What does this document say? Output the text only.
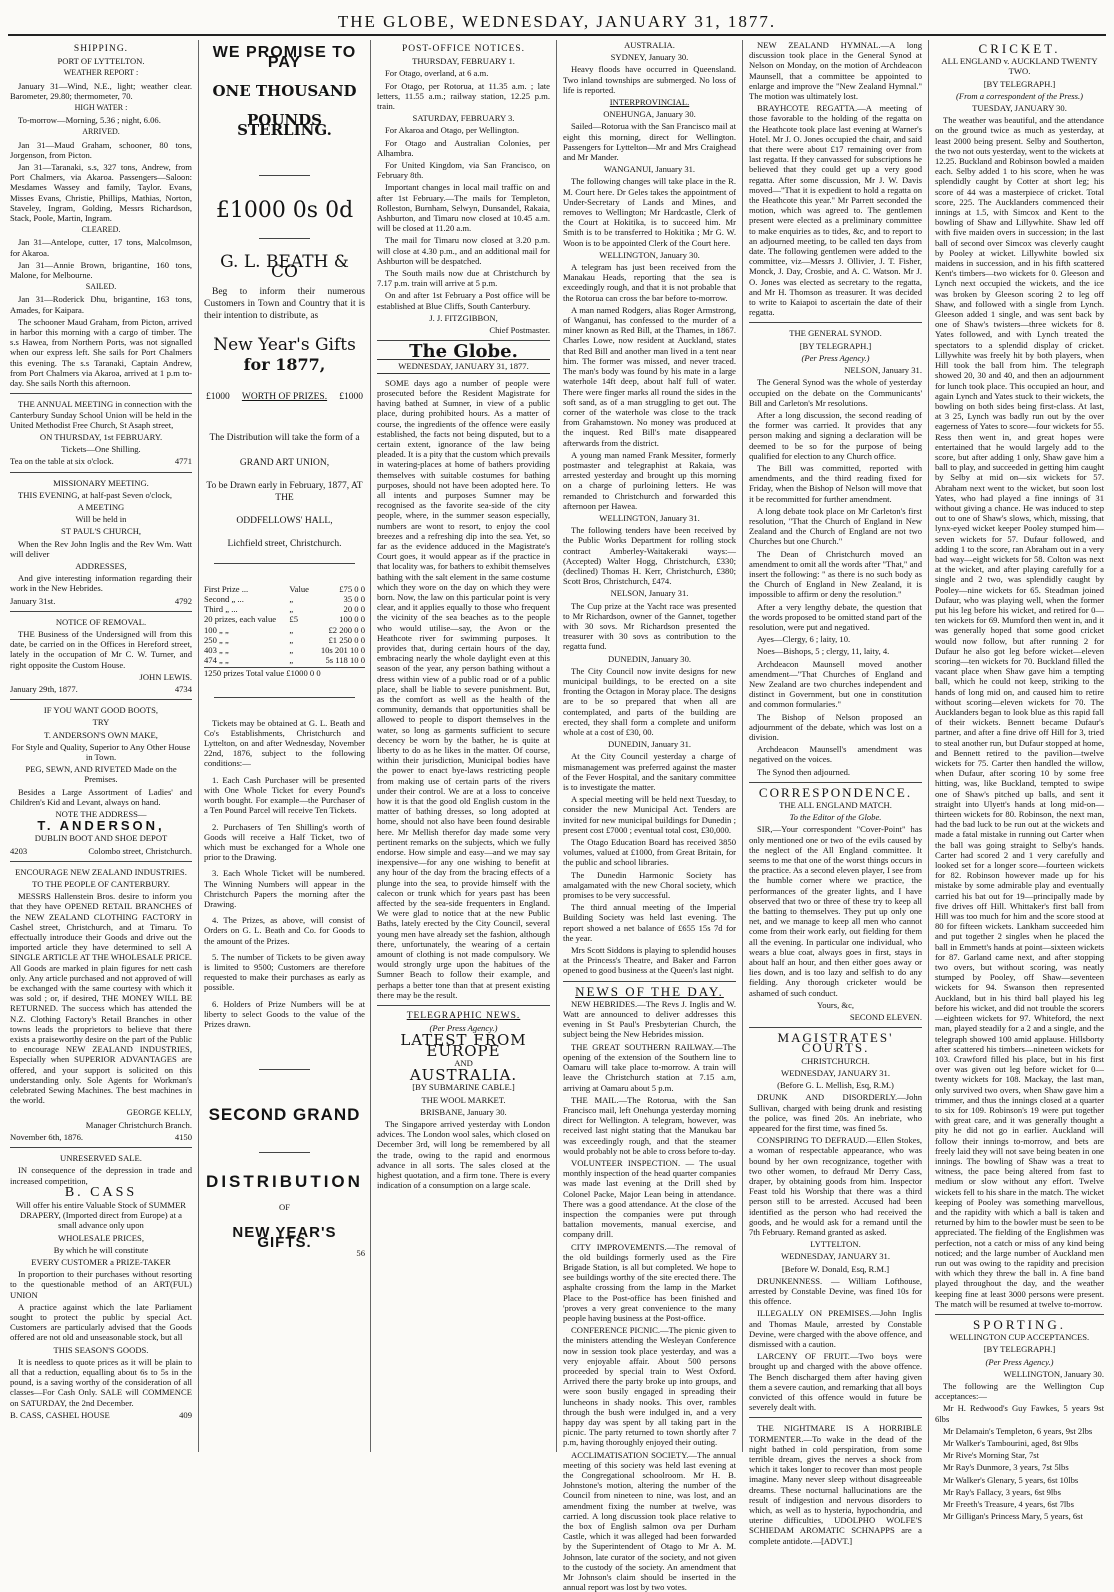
THE GLOBE, WEDNESDAY, JANUARY 31, 1877.
SHIPPING.

PORT OF LYTTELTON.

WEATHER REPORT :

January 31—Wind, N.E., light; weather clear. Barometer, 29.80; thermometer, 70.

HIGH WATER :

To-morrow—Morning, 5.36 ; night, 6.06.

ARRIVED.

Jan 31—Maud Graham, schooner, 80 tons, Jorgenson, from Picton.

Jan 31—Taranaki, s.s, 327 tons, Andrew, from Port Chalmers, via Akaroa. Passengers—Saloon: Mesdames Wassey and family, Taylor. Evans, Misses Evans, Christie, Phillips, Mathias, Norton, Staveley, Ingram, Golding, Messrs Richardson, Stack, Poole, Martin, Ingram.

CLEARED.

Jan 31—Antelope, cutter, 17 tons, Malcolmson, for Akaroa.

Jan 31—Annie Brown, brigantine, 160 tons, Malone, for Melbourne.

SAILED.

Jan 31—Roderick Dhu, brigantine, 163 tons, Amades, for Kaipara.

The schooner Maud Graham, from Picton, arrived in harbor this morning with a cargo of timber. The s.s Hawea, from Northern Ports, was not signalled when our express left. She sails for Port Chalmers this evening. The s.s Taranaki, Captain Andrew, from Port Chalmers via Akaroa, arrived at 1 p.m to-day. She sails North this afternoon.

THE ANNUAL MEETING in connection with the Canterbury Sunday School Union will be held in the United Methodist Free Church, St Asaph street,

ON THURSDAY, 1st FEBRUARY.

Tickets—One Shilling.

Tea on the table at six o'clock.	4771

MISSIONARY MEETING.

THIS EVENING, at half-past Seven o'clock,

A MEETING

Will be held in

ST PAUL'S CHURCH,

When the Rev John Inglis and the Rev Wm. Watt will deliver

ADDRESSES,

And give interesting information regarding their work in the New Hebrides.

January 31st.	4792

NOTICE OF REMOVAL.

THE Business of the Undersigned will from this date, be carried on in the Offices in Hereford street, lately in the occupation of Mr C. W. Turner, and right opposite the Custom House.

JOHN LEWIS.

January 29th, 1877.	4734

IF YOU WANT GOOD BOOTS,

TRY

T. ANDERSON'S OWN MAKE,

For Style and Quality, Superior to Any Other House in Town.

PEG, SEWN, AND RIVETED Made on the Premises.

Besides a Large Assortment of Ladies' and Children's Kid and Levant, always on hand.

NOTE THE ADDRESS—

T. ANDERSON,

DUBLIN BOOT AND SHOE DEPOT

4203	Colombo street, Christchurch.

ENCOURAGE NEW ZEALAND INDUSTRIES.

TO THE PEOPLE OF CANTERBURY.

MESSRS Hallenstein Bros. desire to inform you that they have OPENED RETAIL BRANCHES of the NEW ZEALAND CLOTHING FACTORY in Cashel street, Christchurch, and at Timaru. To effectually introduce their Goods and drive out the imported article they have determined to sell A SINGLE ARTICLE AT THE WHOLESALE PRICE. All Goods are marked in plain figures for nett cash only. Any article purchased and not approved of will be exchanged with the same courtesy with which it was sold ; or, if desired, THE MONEY WILL BE RETURNED. The success which has attended the N.Z. Clothing Factory's Retail Branches in other towns leads the proprietors to believe that there exists a praiseworthy desire on the part of the Public to encourage NEW ZEALAND INDUSTRIES, Especially when SUPERIOR ADVANTAGES are offered, and your support is solicited on this understanding only. Sole Agents for Workman's celebrated Sewing Machines. The best machines in the world.

GEORGE KELLY,

Manager Christchurch Branch.

November 6th, 1876.	4150

UNRESERVED SALE.

IN consequence of the depression in trade and increased competition,

B. CASS

Will offer his entire Valuable Stock of SUMMER DRAPERY, (Imported direct from Europe) at a small advance only upon

WHOLESALE PRICES,

By which he will constitute

EVERY CUSTOMER a PRIZE-TAKER

In proportion to their purchases without resorting to the questionable method of an ART(FUL) UNION

A practice against which the late Parliament sought to protect the public by special Act. Customers are particularly advised that the Goods offered are not old and unseasonable stock, but all

THIS SEASON'S GOODS.

It is needless to quote prices as it will be plain to all that a reduction, equalling about 6s to 5s in the pound, is a saving worthy of the consideration of all classes—For Cash Only. SALE will COMMENCE on SATURDAY, the 2nd December.

B. CASS, CASHEL HOUSE	409
WE PROMISE TO PAY
ONE THOUSAND
POUNDS STERLING.
£1000 0s 0d
G. L. BEATH & CO

Beg to inform their numerous Customers in Town and Country that it is their intention to distribute, as

New Year's Gifts
for 1877,
£1000 WORTH OF PRIZES. £1000

The Distribution will take the form of a

GRAND ART UNION,

To be Drawn early in February, 1877, AT THE

ODDFELLOWS' HALL,

Lichfield street, Christchurch.

First Prize ...	Value	£75 0 0
Second „ ...	„	35 0 0
Third „ ...	„	20 0 0
20 prizes, each value	£5	100 0 0
100 „ „	„	£2 200 0 0
250 „ „	„	£1 250 0 0
403 „ „	„	10s 201 10 0
474 „ „	„	5s 118 10 0

1250 prizes Total value £1000 0 0

Tickets may be obtained at G. L. Beath and Co's Establishments, Christchurch and Lyttelton, on and after Wednesday, November 22nd, 1876, subject to the following conditions:—

1. Each Cash Purchaser will be presented with One Whole Ticket for every Pound's worth bought. For example—the Purchaser of a Ten Pound Parcel will receive Ten Tickets.

2. Purchasers of Ten Shilling's worth of Goods will receive a Half Ticket, two of which must be exchanged for a Whole one prior to the Drawing.

3. Each Whole Ticket will be numbered. The Winning Numbers will appear in the Christchurch Papers the morning after the Drawing.

4. The Prizes, as above, will consist of Orders on G. L. Beath and Co. for Goods to the amount of the Prizes.

5. The number of Tickets to be given away is limited to 9500; Customers are therefore requested to make their purchases as early as possible.

6. Holders of Prize Numbers will be at liberty to select Goods to the value of the Prizes drawn.

SECOND GRAND
DISTRIBUTION

OF

NEW YEAR'S GIFTS.

56

POST-OFFICE NOTICES.

THURSDAY, FEBRUARY 1.

For Otago, overland, at 6 a.m.

For Otago, per Rotorua, at 11.35 a.m. ; late letters, 11.55 a.m.; railway station, 12.25 p.m. train.

SATURDAY, FEBRUARY 3.

For Akaroa and Otago, per Wellington.

For Otago and Australian Colonies, per Alhambra.

For United Kingdom, via San Francisco, on February 8th.

Important changes in local mail traffic on and after 1st February.—The mails for Templeton, Rolleston, Burnham, Selwyn, Dunsandel, Rakaia, Ashburton, and Timaru now closed at 10.45 a.m. will be closed at 11.20 a.m.

The mail for Timaru now closed at 3.20 p.m. will close at 4.30 p.m., and an additional mail for Ashburton will be despatched.

The South mails now due at Christchurch by 7.17 p.m. train will arrive at 5 p.m.

On and after 1st February a Post office will be established at Blue Cliffs, South Canterbury.

J. J. FITZGIBBON,

Chief Postmaster.

The Globe.
WEDNESDAY, JANUARY 31, 1877.

SOME days ago a number of people were prosecuted before the Resident Magistrate for having bathed at Sumner, in view of a public place, during prohibited hours. As a matter of course, the ingredients of the offence were easily established, the facts not being disputed, but to a certain extent, ignorance of the law being pleaded. It is a pity that the custom which prevails in watering-places at home of bathers providing themselves with suitable costumes for bathing purposes, should not have been adopted here. To all intents and purposes Sumner may be recognised as the favorite sea-side of the city people, where, in the summer season especially, numbers are wont to resort, to enjoy the cool breezes and a refreshing dip into the sea. Yet, so far as the evidence adduced in the Magistrate's Court goes, it would appear as if the practice in that locality was, for bathers to exhibit themselves bathing with the salt element in the same costume which they wore on the day on which they were born. Now, the law on this particular point is very clear, and it applies equally to those who frequent the vicinity of the sea beaches as to the people who would utilise—say, the Avon or the Heathcote river for swimming purposes. It provides that, during certain hours of the day, embracing nearly the whole daylight even at this season of the year, any person bathing without a dress within view of a public road or of a public place, shall be liable to severe punishment. But, as the comfort as well as the health of the community, demands that opportunities shall be allowed to people to disport themselves in the water, so long as garments sufficient to secure decency be worn by the bather, he is quite at liberty to do as he likes in the matter. Of course, within their jurisdiction, Municipal bodies have the power to enact bye-laws restricting people from making use of certain parts of the rivers under their control. We are at a loss to conceive how it is that the good old English custom in the matter of bathing dresses, so long adopted at home, should not also have been found desirable here. Mr Mellish therefor day made some very pertinent remarks on the subjects, which we fully endorse. How simple and easy—and we may say inexpensive—for any one wishing to benefit at any hour of the day from the bracing effects of a plunge into the sea, to provide himself with the calecon or trunk which for years past has been affected by the sea-side frequenters in England. We were glad to notice that at the new Public Baths, lately erected by the City Council, several young men have already set the fashion, although there, unfortunately, the wearing of a certain amount of clothing is not made compulsory. We would strongly urge upon the habitues of the Sumner Beach to follow their example, and perhaps a better tone than that at present existing there may be the result.

TELEGRAPHIC NEWS.

(Per Press Agency.)

LATEST FROM EUROPE

AND

AUSTRALIA.

[BY SUBMARINE CABLE.]

THE WOOL MARKET.

BRISBANE, January 30.

The Singapore arrived yesterday with London advices. The London wool sales, which closed on December 3rd, will long be remembered by all the trade, owing to the rapid and enormous advance in all sorts. The sales closed at the highest quotation, and a firm tone. There is every indication of a consumption on a large scale.

AUSTRALIA.

SYDNEY, January 30.

Heavy floods have occurred in Queensland. Two inland townships are submerged. No loss of life is reported.

INTERPROVINCIAL.

ONEHUNGA, January 30.

Sailed—Rotorua with the San Francisco mail at eight this morning, direct for Wellington. Passengers for Lyttelton—Mr and Mrs Craighead and Mr Mander.

WANGANUI, January 31.

The following changes will take place in the R. M. Court here. Dr Geles takes the appointment of Under-Secretary of Lands and Mines, and removes to Wellington; Mr Hardcastle, Clerk of the Court at Hokitika, is to succeed him. Mr Smith is to be transferred to Hokitika ; Mr G. W. Woon is to be appointed Clerk of the Court here.

WELLINGTON, January 30.

A telegram has just been received from the Manakau Heads, reporting that the sea is exceedingly rough, and that it is not probable that the Rotorua can cross the bar before to-morrow.

A man named Rodgers, alias Roger Armstrong, of Wanganui, has confessed to the murder of a miner known as Red Bill, at the Thames, in 1867. Charles Lowe, now resident at Auckland, states that Red Bill and another man lived in a tent near him. The former was missed, and never traced. The man's body was found by his mate in a large waterhole 14ft deep, about half full of water. There were finger marks all round the sides in the soft sand, as of a man struggling to get out. The corner of the waterhole was close to the track from Grahamstown. No money was produced at the inquest. Red Bill's mate disappeared afterwards from the district.

A young man named Frank Messiter, formerly postmaster and telegraphist at Rakaia, was arrested yesterday and brought up this morning on a charge of purloining letters. He was remanded to Christchurch and forwarded this afternoon per Hawea.

WELLINGTON, January 31.

The following tenders have been received by the Public Works Department for rolling stock contract Amberley-Waitakeraki ways:—(Accepted) Walter Hogg, Christchurch, £330; (declined) Thomas H. Kerr, Christchurch, £380; Scott Bros, Christchurch, £474.

NELSON, January 31.

The Cup prize at the Yacht race was presented to Mr Richardson, owner of the Gannet, together with 30 sovs. Mr Richardson presented the treasurer with 30 sovs as contribution to the regatta fund.

DUNEDIN, January 30.

The City Council now invite designs for new municipal buildings, to be erected on a site fronting the Octagon in Moray place. The designs are to be so prepared that when all are contemplated, and parts of the building are erected, they shall form a complete and uniform whole at a cost of £30, 00.

DUNEDIN, January 31.

At the City Council yesterday a charge of mismanagement was preferred against the master of the Fever Hospital, and the sanitary committee is to investigate the matter.

A special meeting will be held next Tuesday, to consider the new Municipal Act. Tenders are invited for new municipal buildings for Dunedin ; present cost £7000 ; eventual total cost, £30,000.

The Otago Education Board has received 3850 volumes, valued at £1000, from Great Britain, for the public and school libraries.

The Dunedin Harmonic Society has amalgamated with the new Choral society, which promises to be very successful.

The third annual meeting of the Imperial Building Society was held last evening. The report showed a net balance of £655 15s 7d for the year.

Mrs Scott Siddons is playing to splendid houses at the Princess's Theatre, and Baker and Farron opened to good business at the Queen's last night.

NEWS OF THE DAY.

NEW HEBRIDES.—The Revs J. Inglis and W. Watt are announced to deliver addresses this evening in St Paul's Presbyterian Church, the subject being the New Hebrides mission.

THE GREAT SOUTHERN RAILWAY.—The opening of the extension of the Southern line to Oamaru will take place to-morrow. A train will leave the Christchurch station at 7.15 a.m, arriving at Oamaru about 5 p.m.

THE MAIL.—The Rotorua, with the San Francisco mail, left Onehunga yesterday morning direct for Wellington. A telegram, however, was received last night stating that the Manukau bar was exceedingly rough, and that the steamer would probably not be able to cross before to-day.

VOLUNTEER INSPECTION. — The usual monthly inspection of the head quarter companies was made last evening at the Drill shed by Colonel Packe, Major Lean being in attendance. There was a good attendance. At the close of the inspection the companies were put through battalion movements, manual exercise, and company drill.

CITY IMPROVEMENTS.—The removal of the old buildings formerly used as the Fire Brigade Station, is all but completed. We hope to see buildings worthy of the site erected there. The asphalte crossing from the lamp in the Market Place to the Post-office has been finished and 'proves a very great convenience to the many people having business at the Post-office.

CONFERENCE PICNIC.—The picnic given to the ministers attending the Wesleyan Conference now in session took place yesterday, and was a very enjoyable affair. About 500 persons proceeded by special train to West Oxford. Arrived there the party broke up into groups, and were soon busily engaged in spreading their luncheons in shady nooks. This over, rambles through the bush were indulged in, and a very happy day was spent by all taking part in the picnic. The party returned to town shortly after 7 p.m, having thoroughly enjoyed their outing.

ACCLIMATISATION SOCIETY.—The annual meeting of this society was held last evening at the Congregational schoolroom. Mr H. B. Johnstone's motion, altering the number of the Council from nineteen to nine, was lost, and an amendment fixing the number at twelve, was carried. A long discussion took place relative to the box of English salmon ova per Durham Castle, which it was alleged had been forwarded by the Superintendent of Otago to Mr A. M. Johnson, late curator of the society, and not given to the custody of the society. An amendment that Mr Johnson's claim should be inserted in the annual report was lost by two votes.

NEW ZEALAND HYMNAL.—A long discussion took place in the General Synod at Nelson on Monday, on the motion of Archdeacon Maunsell, that a committee be appointed to enlarge and improve the "New Zealand Hymnal." The motion was ultimately lost.

BRAYHCOTE REGATTA.—A meeting of those favorable to the holding of the regatta on the Heathcote took place last evening at Warner's Hotel. Mr J. O. Jones occupied the chair, and said that there were about £17 remaining over from last regatta. If they canvassed for subscriptions he believed that they could get up a very good regatta. After some discussion, Mr J. W. Davis moved—"That it is expedient to hold a regatta on the Heathcote this year." Mr Parrett seconded the motion, which was agreed to. The gentlemen present were elected as a preliminary committee to make enquiries as to tides, &c, and to report to an adjourned meeting, to be called ten days from date. The following gentlemen were added to the committee, viz—Messrs J. Ollivier, J. T. Fisher, Monck, J. Day, Crosbie, and A. C. Watson. Mr J. O. Jones was elected as secretary to the regatta, and Mr H. Thomson as treasurer. It was decided to write to Kaiapoi to ascertain the date of their regatta.

THE GENERAL SYNOD.

[BY TELEGRAPH.]

(Per Press Agency.)

NELSON, January 31.

The General Synod was the whole of yesterday occupied on the debate on the Communicants' Bill and Carleton's Mr resolutions.

After a long discussion, the second reading of the former was carried. It provides that any person making and signing a declaration will be deemed to be so for the purpose of being qualified for election to any Church office.

The Bill was committed, reported with amendments, and the third reading fixed for Friday, when the Bishop of Nelson will move that it be recommitted for further amendment.

A long debate took place on Mr Carleton's first resolution, "That the Church of England in New Zealand and the Church of England are not two Churches but one Church."

The Dean of Christchurch moved an amendment to omit all the words after "That," and insert the following: " as there is no such body as the Church of England in New Zealand, it is impossible to affirm or deny the resolution."

After a very lengthy debate, the question that the words proposed to be omitted stand part of the resolution, were put and negatived.

Ayes—Clergy, 6 ; laity, 10.

Noes—Bishops, 5 ; clergy, 11, laity, 4.

Archdeacon Maunsell moved another amendment—"That Churches of England and New Zealand are two churches independent and distinct in Government, but one in constitution and common formularies."

The Bishop of Nelson proposed an adjournment of the debate, which was lost on a division.

Archdeacon Maunsell's amendment was negatived on the voices.

The Synod then adjourned.

CORRESPONDENCE.

THE ALL ENGLAND MATCH.

To the Editor of the Globe.

SIR,—Your correspondent "Cover-Point" has only mentioned one or two of the evils caused by the neglect of the All England committee. It seems to me that one of the worst things occurs in the practice. As a second eleven player, I see from the humble corner where we practice, the performances of the greater lights, and I have observed that two or three of these try to keep all the batting to themselves. They put up only one net, and we manage to keep all men who cannot come from their work early, out fielding for them all the evening. In particular one individual, who wears a blue coat, always goes in first, stays in about half an hour, and then either goes away or lies down, and is too lazy and selfish to do any fielding. Any thorough cricketer would be ashamed of such conduct.

Yours, &c,

SECOND ELEVEN.

MAGISTRATES' COURTS.

CHRISTCHURCH.

WEDNESDAY, JANUARY 31.

(Before G. L. Mellish, Esq, R.M.)

DRUNK AND DISORDERLY.—John Sullivan, charged with being drunk and resisting the police, was fined 20s. An inebriate, who appeared for the first time, was fined 5s.

CONSPIRING TO DEFRAUD.—Ellen Stokes, a woman of respectable appearance, who was bound by her own recognizance, together with two other women, to defraud Mr Derry Cass, draper, by obtaining goods from him. Inspector Feast told his Worship that there was a third person still to be arrested. Accused had been identified as the person who had received the goods, and he would ask for a remand until the 7th February. Remand granted as asked.

LYTTELTON.

WEDNESDAY, JANUARY 31.

[Before W. Donald, Esq, R.M.]

DRUNKENNESS. — William Lofthouse, arrested by Constable Devine, was fined 10s for this offence.

ILLEGALLY ON PREMISES.—John Inglis and Thomas Maule, arrested by Constable Devine, were charged with the above offence, and dismissed with a caution.

LARCENY OF FRUIT.—Two boys were brought up and charged with the above offence. The Bench discharged them after having given them a severe caution, and remarking that all boys convicted of this offence would in future be severely dealt with.

THE NIGHTMARE IS A HORRIBLE TORMENTER.—To wake in the dead of the night bathed in cold perspiration, from some terrible dream, gives the nerves a shock from which it takes longer to recover than most people imagine. Many never sleep without disagreeable dreams. These nocturnal hallucinations are the result of indigestion and nervous disorders to which, as well as to hysteria, hypochondria, and uterine difficulties, UDOLPHO WOLFE'S SCHIEDAM AROMATIC SCHNAPPS are a complete antidote.—[ADVT.]

CRICKET.

ALL ENGLAND v. AUCKLAND TWENTY TWO.

[BY TELEGRAPH.]

(From a correspondent of the Press.)

TUESDAY, JANUARY 30.

The weather was beautiful, and the attendance on the ground twice as much as yesterday, at least 2000 being present. Selby and Southerton, the two not outs yesterday, went to the wickets at 12.25. Buckland and Robinson bowled a maiden each. Selby added 1 to his score, when he was splendidly caught by Cotter at short leg; his score of 44 was a masterpiece of cricket. Total score, 225. The Aucklanders commenced their innings at 1.5, with Simcox and Kent to the bowling of Shaw and Lillywhite. Shaw led off with five maiden overs in succession; in the last ball of second over Simcox was cleverly caught by Pooley at wicket. Lillywhite bowled six maidens in succession, and in his fifth scattered Kent's timbers—two wickets for 0. Gleeson and Lynch next occupied the wickets, and the ice was broken by Gleeson scoring 2 to leg off Shaw, and followed with a single from Lynch. Gleeson added 1 single, and was sent back by one of Shaw's twisters—three wickets for 8. Yates followed, and with Lynch treated the spectators to a splendid display of cricket. Lillywhite was freely hit by both players, when Hill took the ball from him. The telegraph showed 20, 30 and 40, and then an adjournment for lunch took place. This occupied an hour, and again Lynch and Yates stuck to their wickets, the bowling on both sides being first-class. At last, at 3 25, Lynch was badly run out by the over eagerness of Yates to score—four wickets for 55. Ress then went in, and great hopes were entertained that he would largely add to the score, but after adding 1 only, Shaw gave him a ball to play, and succeeded in getting him caught by Selby at mid on—six wickets for 57. Abraham next went to the wicket, but soon lost Yates, who had played a fine innings of 31 without giving a chance. He was induced to step out to one of Shaw's slows, which, missing, that lynx-eyed wicket keeper Pooley stumped him—seven wickets for 57. Dufaur followed, and adding 1 to the score, ran Abraham out in a very bad way—eight wickets for 58. Colton was next at the wicket, and after playing carefully for a single and 2 two, was splendidly caught by Pooley—nine wickets for 65. Steadman joined Dufaur, who was playing well, when the former put his leg before his wicket, and retired for 0—ten wickets for 69. Mumford then went in, and it was generally hoped that some good cricket would now follow, but after running 2 for Dufaur he also got leg before wicket—eleven scoring—ten wickets for 70. Buckland filled the vacant place when Shaw gave him a tempting ball, which he could not keep, striking to the hands of long mid on, and caused him to retire without scoring—eleven wickets for 70. The Aucklanders began to look blue as this rapid fall of their wickets. Bennett became Dufaur's partner, and after a fine drive off Hill for 3, tried to steal another run, but Dufaur stopped at home, and Bennett retired to the pavilion—twelve wickets for 75. Carter then handled the willow, when Dufaur, after scoring 10 by some free hitting, was, like Buckland, tempted to swipe one of Shaw's pitched up balls, and sent it straight into Ulyett's hands at long mid-on—thirteen wickets for 80. Robinson, the next man, had the bad luck to be run out at the wickets and made a fatal mistake in running out Carter when the ball was going straight to Selby's hands. Carter had scored 2 and 1 very carefully and looked set for a longer score—fourteen wickets for 82. Robinson however made up for his mistake by some admirable play and eventually carried his bat out for 19—principally made by five drives off Hill. Whittaker's first ball from Hill was too much for him and the score stood at 80 for fifteen wickets. Lankham succeeded him and put together 2 singles when he placed the ball in Emmett's hands at point—sixteen wickets for 87. Garland came next, and after stopping two overs, but without scoring, was neatly stumped by Pooley, off Shaw—seventeen wickets for 94. Swanson then represented Auckland, but in his third ball played his leg before his wicket, and did not trouble the scorers—eighteen wickets for 97. Whiteford, the next man, played steadily for a 2 and a single, and the telegraph showed 100 amid applause. Hillsborty after scattered his timbers—nineteen wickets for 103. Crawford filled his place, but in his first over was given out leg before wicket for 0—twenty wickets for 108. Mackay, the last man, only survived two overs, when Shaw gave him a trimmer, and thus the innings closed at a quarter to six for 109. Robinson's 19 were put together with great care, and it was generally thought a pity he did not go in earlier. Auckland will follow their innings to-morrow, and bets are freely laid they will not save being beaten in one innings. The bowling of Shaw was a treat to witness, the pace being altered from fast to medium or slow without any effort. Twelve wickets fell to his share in the match. The wicket keeping of Pooley was something marvellous, and the rapidity with which a ball is taken and returned by him to the bowler must be seen to be appreciated. The fielding of the Englishmen was perfection, not a catch or miss of any kind being noticed; and the large number of Auckland men run out was owing to the rapidity and precision with which they threw the ball in. A fine band played throughout the day, and the weather keeping fine at least 3000 persons were present. The match will be resumed at twelve to-morrow.

SPORTING.

WELLINGTON CUP ACCEPTANCES.

[BY TELEGRAPH.]

(Per Press Agency.)

WELLINGTON, January 30.

The following are the Wellington Cup acceptances:—

Mr H. Redwood's Guy Fawkes, 5 years 9st 6lbs

Mr Delamain's Templeton, 6 years, 9st 2lbs

Mr Walker's Tambourini, aged, 8st 9lbs

Mr Rive's Morning Star, 7st

Mr Ray's Dunmore, 3 years, 7st 5lbs

Mr Walker's Glenary, 5 years, 6st 10lbs

Mr Ray's Fallacy, 3 years, 6st 9lbs

Mr Freeth's Treasure, 4 years, 6st 7lbs

Mr Gilligan's Princess Mary, 5 years, 6st
